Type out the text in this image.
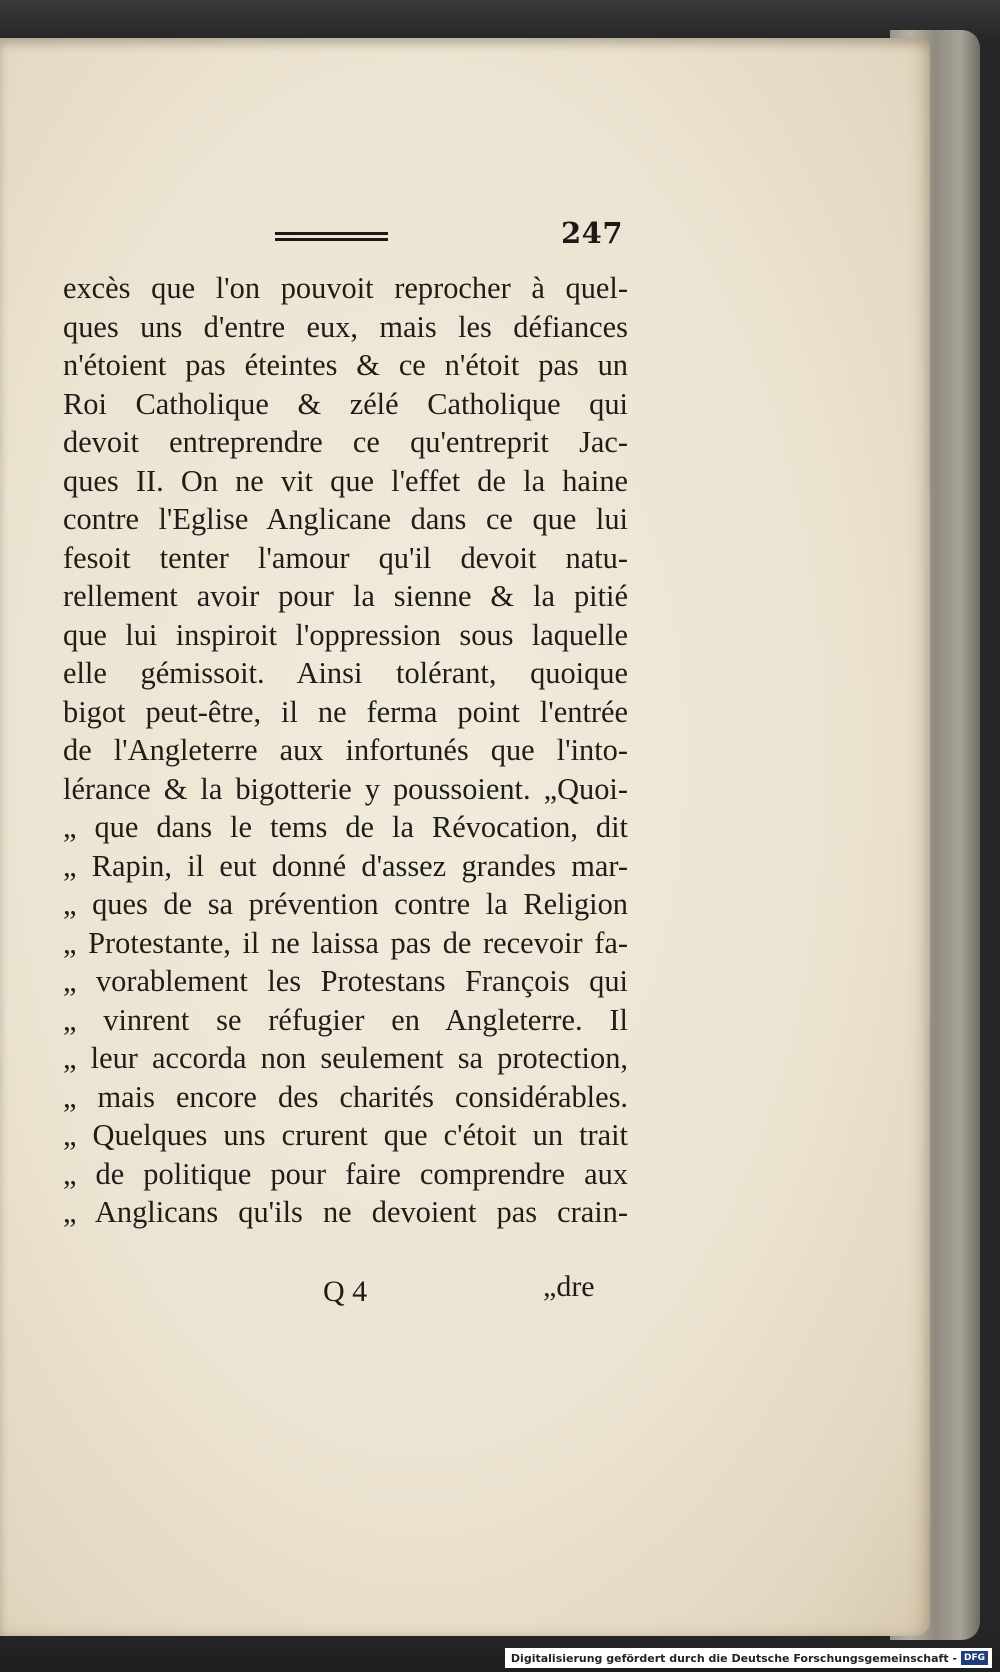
247
excès que l'on pouvoit reprocher à quel-
ques uns d'entre eux, mais les défiances
n'étoient pas éteintes & ce n'étoit pas un
Roi Catholique & zélé Catholique qui
devoit entreprendre ce qu'entreprit Jac-
ques II. On ne vit que l'effet de la haine
contre l'Eglise Anglicane dans ce que lui
fesoit tenter l'amour qu'il devoit natu-
rellement avoir pour la sienne & la pitié
que lui inspiroit l'oppression sous laquelle
elle gémissoit. Ainsi tolérant, quoique
bigot peut-être, il ne ferma point l'entrée
de l'Angleterre aux infortunés que l'into-
lérance & la bigotterie y poussoient. „Quoi-
„ que dans le tems de la Révocation, dit
„ Rapin, il eut donné d'assez grandes mar-
„ ques de sa prévention contre la Religion
„ Protestante, il ne laissa pas de recevoir fa-
„ vorablement les Protestans François qui
„ vinrent se réfugier en Angleterre. Il
„ leur accorda non seulement sa protection,
„ mais encore des charités considérables.
„ Quelques uns crurent que c'étoit un trait
„ de politique pour faire comprendre aux
„ Anglicans qu'ils ne devoient pas crain-
Q 4	„dre
Digitalisierung gefördert durch die Deutsche Forschungsgemeinschaft - DFG
